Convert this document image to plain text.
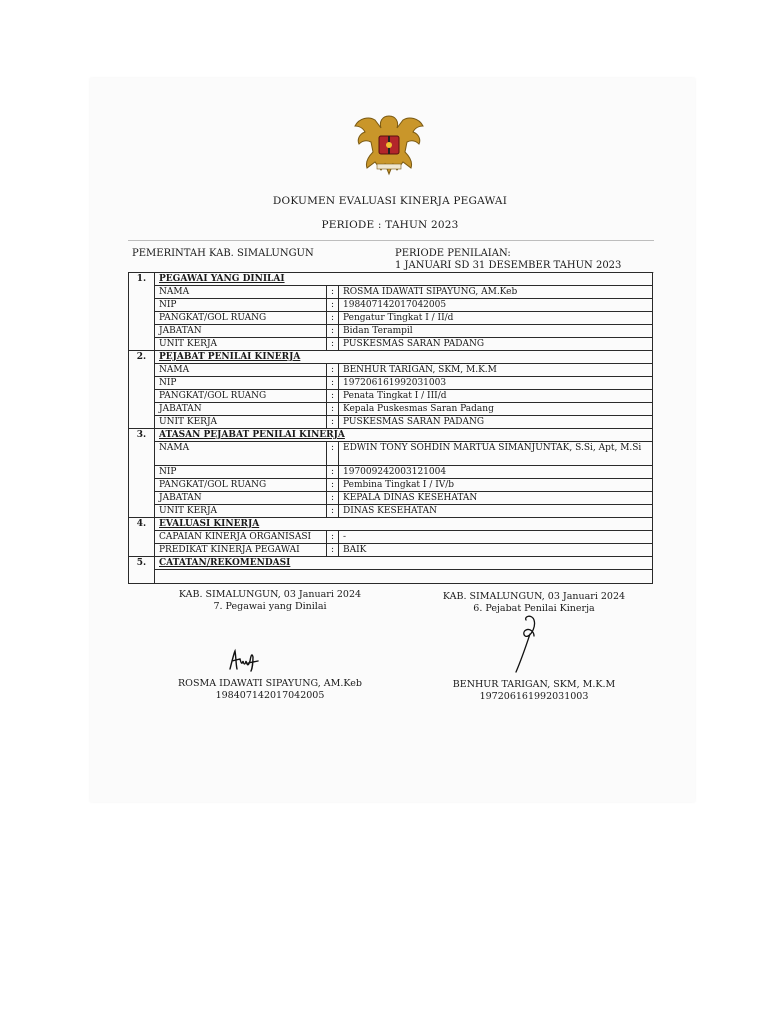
DOKUMEN EVALUASI KINERJA PEGAWAI
PERIODE : TAHUN 2023
PEMERINTAH KAB. SIMALUNGUN	PERIODE PENILAIAN:
1 JANUARI SD 31 DESEMBER TAHUN 2023
1.	PEGAWAI YANG DINILAI		
	NAMA	:	ROSMA IDAWATI SIPAYUNG, AM.Keb
	NIP	:	198407142017042005
	PANGKAT/GOL RUANG	:	Pengatur Tingkat I / II/d
	JABATAN	:	Bidan Terampil
	UNIT KERJA	:	PUSKESMAS SARAN PADANG
2.	PEJABAT PENILAI KINERJA		
	NAMA	:	BENHUR TARIGAN, SKM, M.K.M
	NIP	:	197206161992031003
	PANGKAT/GOL RUANG	:	Penata Tingkat I / III/d
	JABATAN	:	Kepala Puskesmas Saran Padang
	UNIT KERJA	:	PUSKESMAS SARAN PADANG
3.	ATASAN PEJABAT PENILAI KINERJA		
	NAMA	:	EDWIN TONY SOHDIN MARTUA SIMANJUNTAK, S.Si, Apt, M.Si
	NIP	:	197009242003121004
	PANGKAT/GOL RUANG	:	Pembina Tingkat I / IV/b
	JABATAN	:	KEPALA DINAS KESEHATAN
	UNIT KERJA	:	DINAS KESEHATAN
4.	EVALUASI KINERJA		
	CAPAIAN KINERJA ORGANISASI	:	-
	PREDIKAT KINERJA PEGAWAI	:	BAIK
5.	CATATAN/REKOMENDASI		

KAB. SIMALUNGUN, 03 Januari 2024
7. Pegawai yang Dinilai
ROSMA IDAWATI SIPAYUNG, AM.Keb
198407142017042005
KAB. SIMALUNGUN, 03 Januari 2024
6. Pejabat Penilai Kinerja
BENHUR TARIGAN, SKM, M.K.M
197206161992031003
